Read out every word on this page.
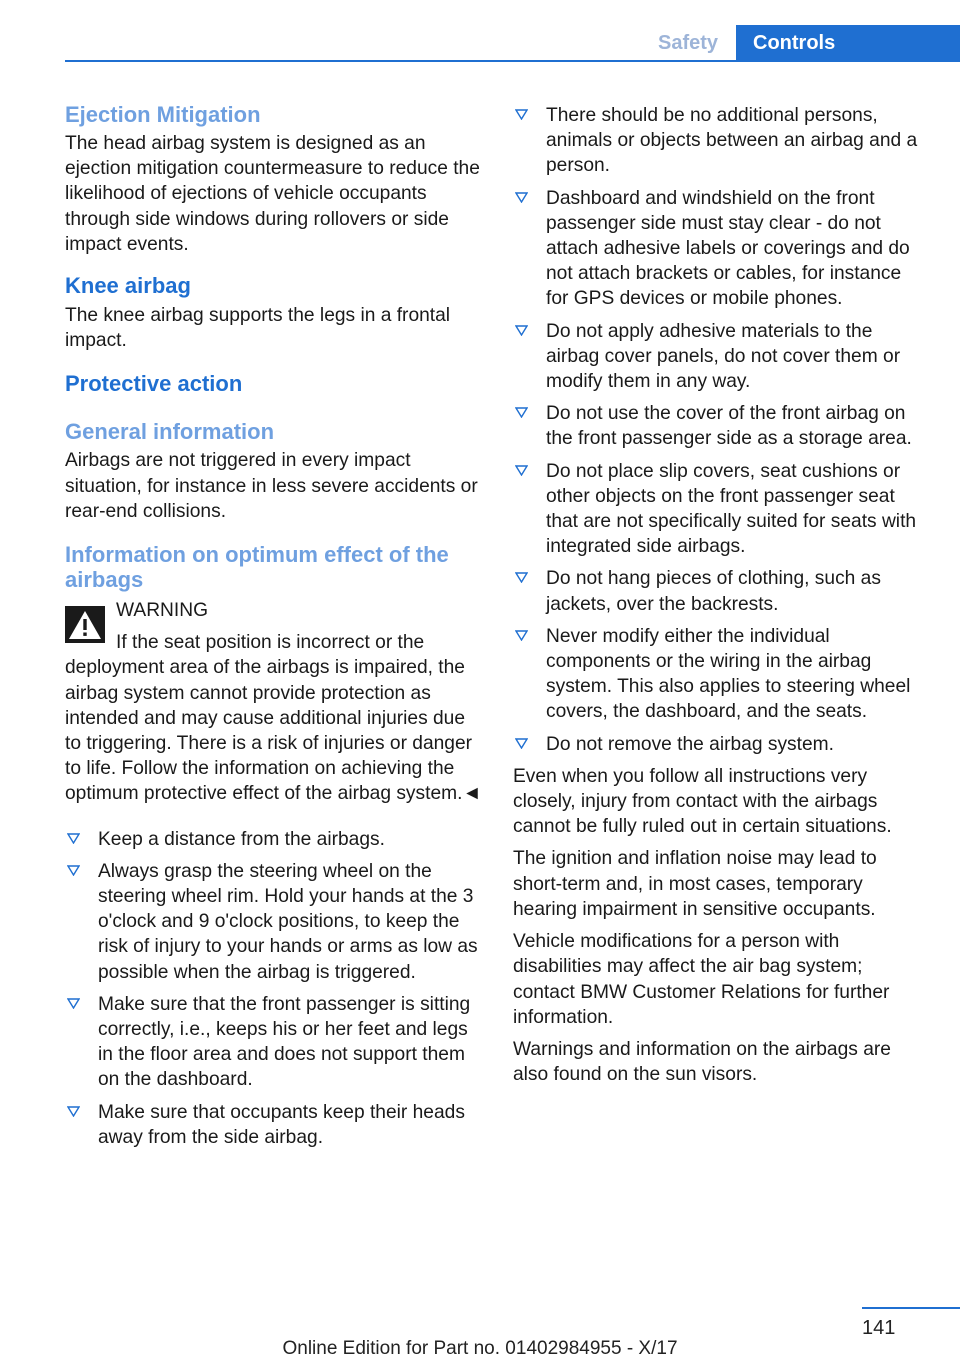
Safety	Controls
Ejection Mitigation

The head airbag system is designed as an ejection mitigation countermeasure to reduce the likelihood of ejections of vehicle occupants through side windows during rollovers or side impact events.

Knee airbag

The knee airbag supports the legs in a frontal impact.

Protective action
General information

Airbags are not triggered in every impact situation, for instance in less severe accidents or rear-end collisions.

Information on optimum effect of the airbags
WARNING
If the seat position is incorrect or the deployment area of the airbags is impaired, the airbag system cannot provide protection as intended and may cause additional injuries due to triggering. There is a risk of injuries or danger to life. Follow the information on achieving the optimum protective effect of the airbag system.◄
Keep a distance from the airbags.
Always grasp the steering wheel on the steering wheel rim. Hold your hands at the 3 o'clock and 9 o'clock positions, to keep the risk of injury to your hands or arms as low as possible when the airbag is triggered.
Make sure that the front passenger is sitting correctly, i.e., keeps his or her feet and legs in the floor area and does not support them on the dashboard.
Make sure that occupants keep their heads away from the side airbag.
There should be no additional persons, animals or objects between an airbag and a person.
Dashboard and windshield on the front passenger side must stay clear - do not attach adhesive labels or coverings and do not attach brackets or cables, for instance for GPS devices or mobile phones.
Do not apply adhesive materials to the airbag cover panels, do not cover them or modify them in any way.
Do not use the cover of the front airbag on the front passenger side as a storage area.
Do not place slip covers, seat cushions or other objects on the front passenger seat that are not specifically suited for seats with integrated side airbags.
Do not hang pieces of clothing, such as jackets, over the backrests.
Never modify either the individual components or the wiring in the airbag system. This also applies to steering wheel covers, the dashboard, and the seats.
Do not remove the airbag system.

Even when you follow all instructions very closely, injury from contact with the airbags cannot be fully ruled out in certain situations.

The ignition and inflation noise may lead to short-term and, in most cases, temporary hearing impairment in sensitive occupants.

Vehicle modifications for a person with disabilities may affect the air bag system; contact BMW Customer Relations for further information.

Warnings and information on the airbags are also found on the sun visors.

141
Online Edition for Part no. 01402984955 - X/17
